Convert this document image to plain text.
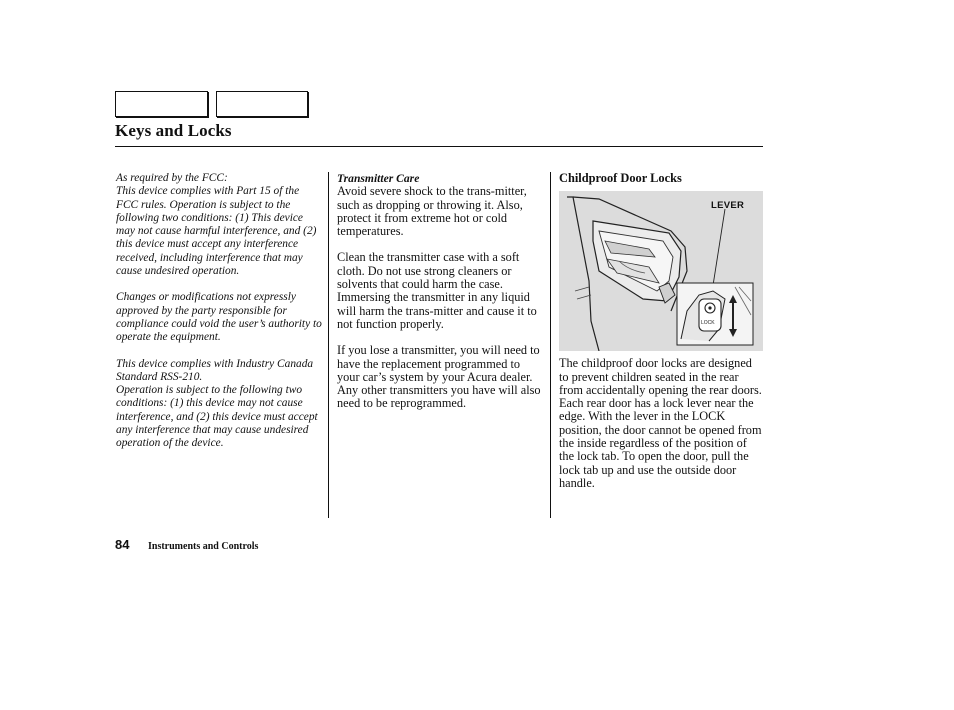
Keys and Locks

As required by the FCC:

This device complies with Part 15 of the FCC rules. Operation is subject to the following two conditions: (1) This device may not cause harmful interference, and (2) this device must accept any interference received, including interference that may cause undesired operation.

Changes or modifications not expressly approved by the party responsible for compliance could void the user’s authority to operate the equipment.

This device complies with Industry Canada Standard RSS-210.

Operation is subject to the following two conditions: (1) this device may not cause interference, and (2) this device must accept any interference that may cause undesired operation of the device.

Transmitter Care

Avoid severe shock to the trans-mitter, such as dropping or throwing it. Also, protect it from extreme hot or cold temperatures.

Clean the transmitter case with a soft cloth. Do not use strong cleaners or solvents that could harm the case. Immersing the transmitter in any liquid will harm the trans-mitter and cause it to not function properly.

If you lose a transmitter, you will need to have the replacement programmed to your car’s system by your Acura dealer. Any other transmitters you have will also need to be reprogrammed.

Childproof Door Locks

LOCK
LEVER

The childproof door locks are designed to prevent children seated in the rear from accidentally opening the rear doors. Each rear door has a lock lever near the edge. With the lever in the LOCK position, the door cannot be opened from the inside regardless of the position of the lock tab. To open the door, pull the lock tab up and use the outside door handle.

84 Instruments and Controls
